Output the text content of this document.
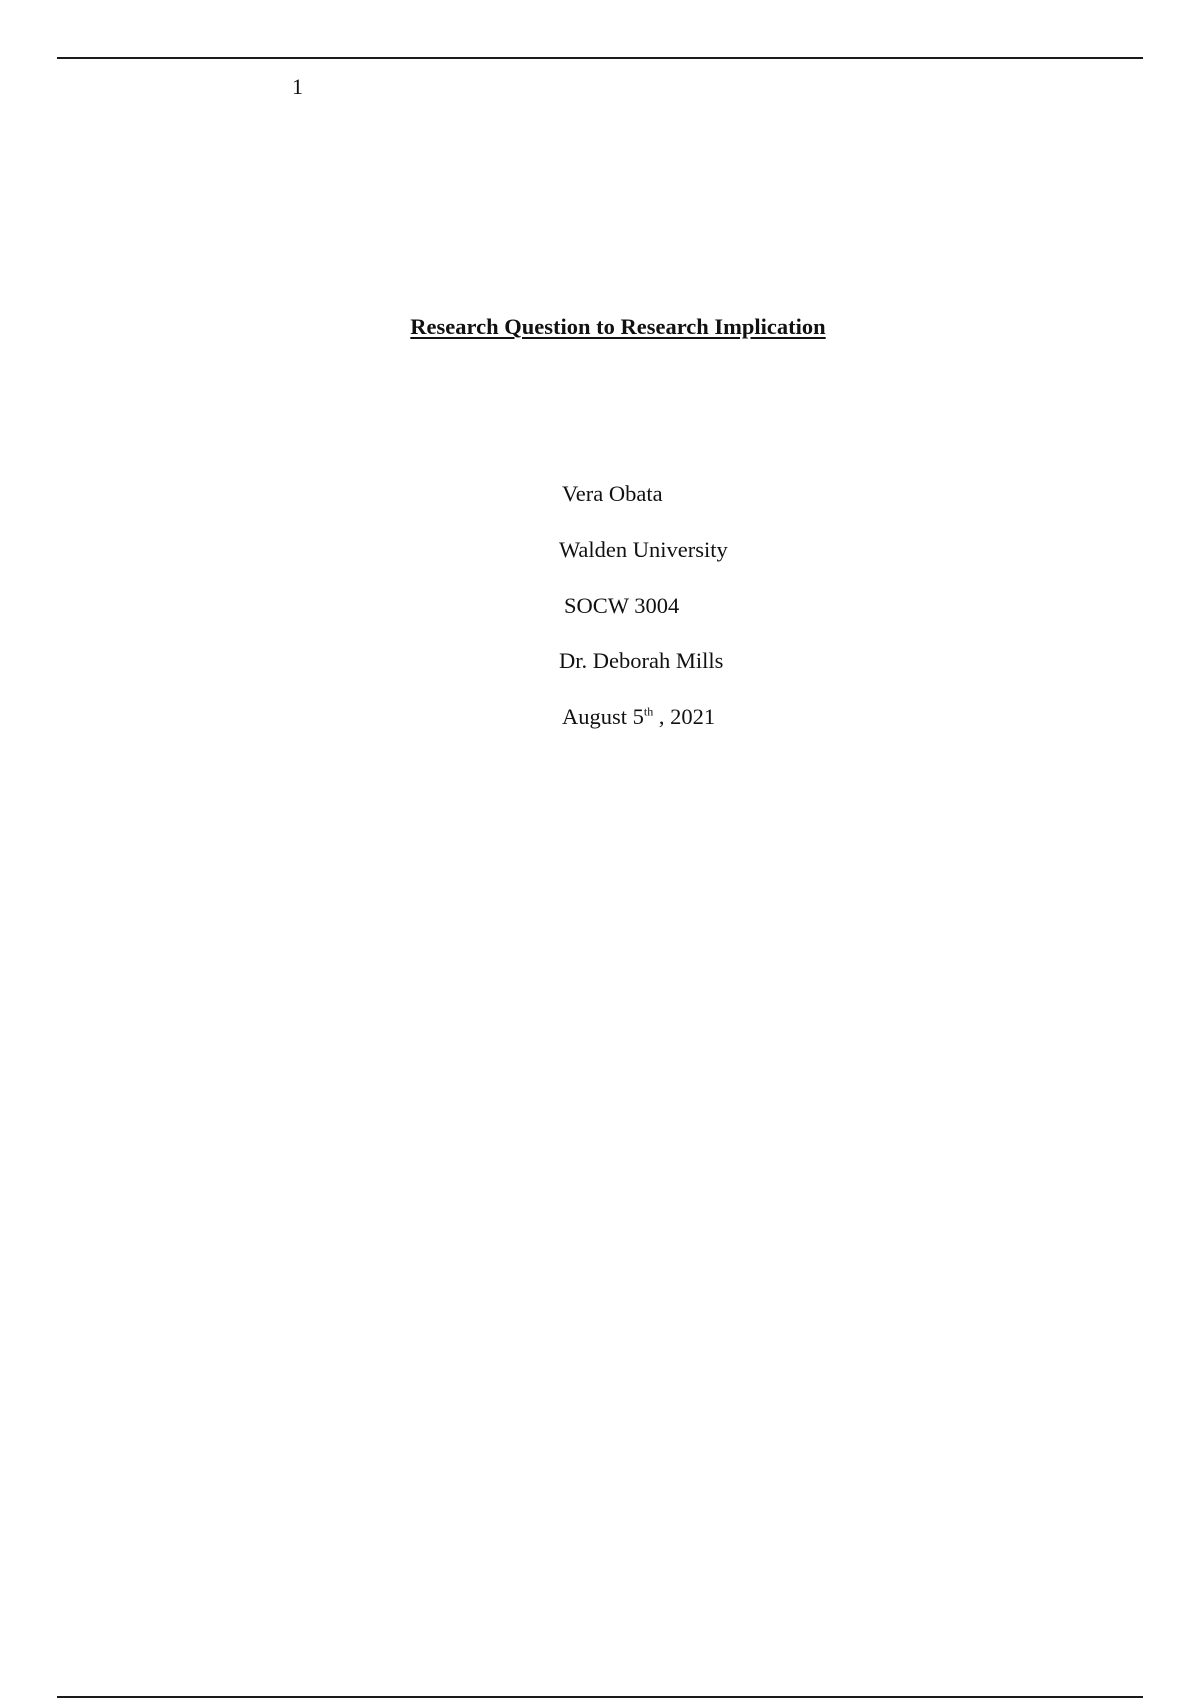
1
Research Question to Research Implication
Vera Obata
Walden University
SOCW 3004
Dr. Deborah Mills
August 5th , 2021
